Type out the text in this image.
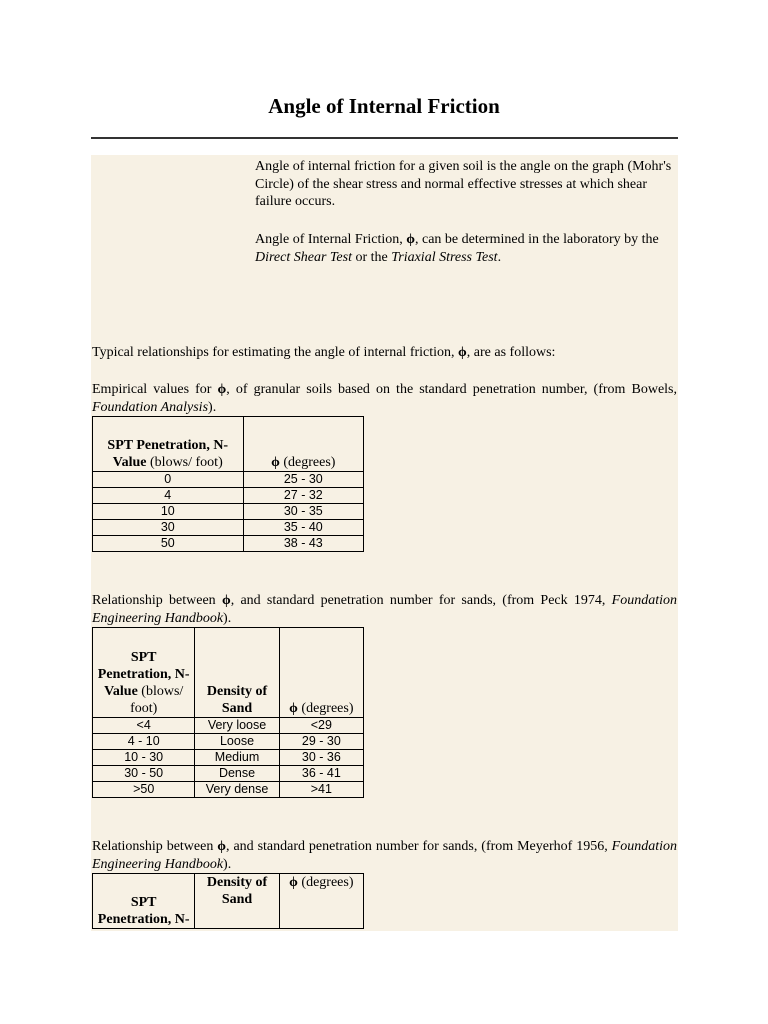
Angle of Internal Friction
Angle of internal friction for a given soil is the angle on the graph (Mohr's Circle) of the shear stress and normal effective stresses at which shear failure occurs.
Angle of Internal Friction, ϕ, can be determined in the laboratory by the Direct Shear Test or the Triaxial Stress Test.
Typical relationships for estimating the angle of internal friction, ϕ, are as follows:
Empirical values for ϕ, of granular soils based on the standard penetration number, (from Bowels, Foundation Analysis).
SPT Penetration, N-Value (blows/ foot)	ϕ (degrees)
0	25 - 30
4	27 - 32
10	30 - 35
30	35 - 40
50	38 - 43
Relationship between ϕ, and standard penetration number for sands, (from Peck 1974, Foundation Engineering Handbook).
SPT Penetration, N-Value (blows/ foot)	Density of Sand	ϕ (degrees)
<4	Very loose	<29
4 - 10	Loose	29 - 30
10 - 30	Medium	30 - 36
30 - 50	Dense	36 - 41
>50	Very dense	>41
Relationship between ϕ, and standard penetration number for sands, (from Meyerhof 1956, Foundation Engineering Handbook).
SPT Penetration, N-	Density of Sand	ϕ (degrees)
